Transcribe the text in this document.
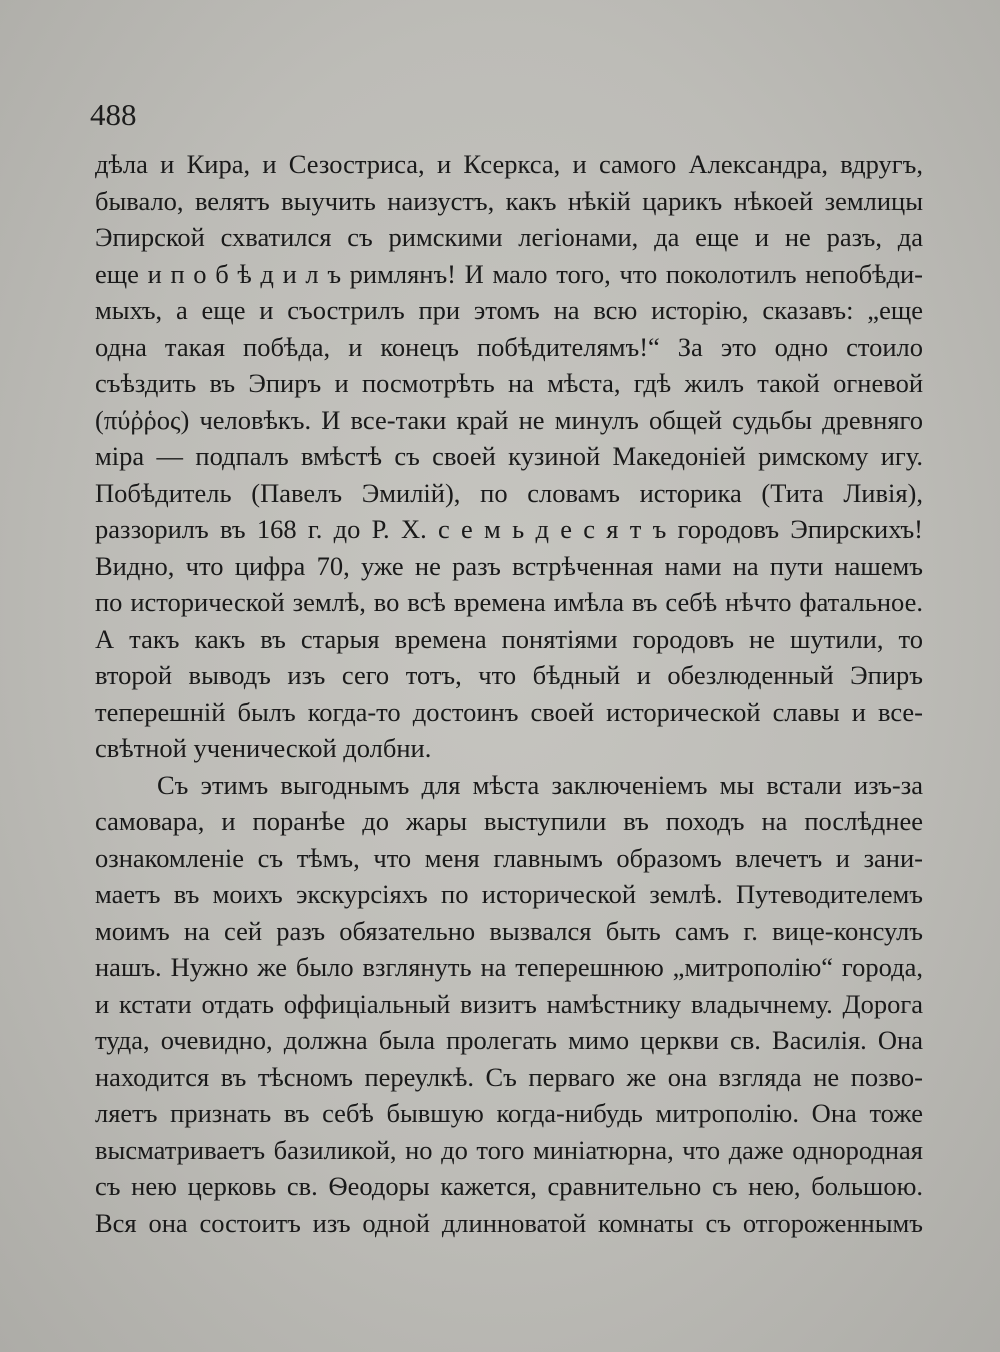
488
дѣла и Кира, и Сезостриса, и Ксеркса, и самого Александра, вдругъ,
бывало, велятъ выучить наизустъ, какъ нѣкій царикъ нѣкоей землицы
Эпирской схватился съ римскими легіонами, да еще и не разъ, да
еще и п о б ѣ д и л ъ римлянъ! И мало того, что поколотилъ непобѣди-
мыхъ, а еще и съострилъ при этомъ на всю исторію, сказавъ: „еще
одна такая побѣда, и конецъ побѣдителямъ!“ За это одно стоило
съѣздить въ Эпиръ и посмотрѣть на мѣста, гдѣ жилъ такой огневой
(πύῤῥος) человѣкъ. И все-таки край не минулъ общей судьбы древняго
міра — подпалъ вмѣстѣ съ своей кузиной Македоніей римскому игу.
Побѣдитель (Павелъ Эмилій), по словамъ историка (Тита Ливія),
раззорилъ въ 168 г. до Р. Х. с е м ь д е с я т ъ городовъ Эпирскихъ!
Видно, что цифра 70, уже не разъ встрѣченная нами на пути нашемъ
по исторической землѣ, во всѣ времена имѣла въ себѣ нѣчто фатальное.
А такъ какъ въ старыя времена понятіями городовъ не шутили, то
второй выводъ изъ сего тотъ, что бѣдный и обезлюденный Эпиръ
теперешній былъ когда-то достоинъ своей исторической славы и все-
свѣтной ученической долбни.
Съ этимъ выгоднымъ для мѣста заключеніемъ мы встали изъ-за
самовара, и поранѣе до жары выступили въ походъ на послѣднее
ознакомленіе съ тѣмъ, что меня главнымъ образомъ влечетъ и зани-
маетъ въ моихъ экскурсіяхъ по исторической землѣ. Путеводителемъ
моимъ на сей разъ обязательно вызвался быть самъ г. вице-консулъ
нашъ. Нужно же было взглянуть на теперешнюю „митрополію“ города,
и кстати отдать оффиціальный визитъ намѣстнику владычнему. Дорога
туда, очевидно, должна была пролегать мимо церкви св. Василія. Она
находится въ тѣсномъ переулкѣ. Съ перваго же она взгляда не позво-
ляетъ признать въ себѣ бывшую когда-нибудь митрополію. Она тоже
высматриваетъ базиликой, но до того миніатюрна, что даже однородная
съ нею церковь св. Ѳеодоры кажется, сравнительно съ нею, большою.
Вся она состоитъ изъ одной длинноватой комнаты съ отгороженнымъ
